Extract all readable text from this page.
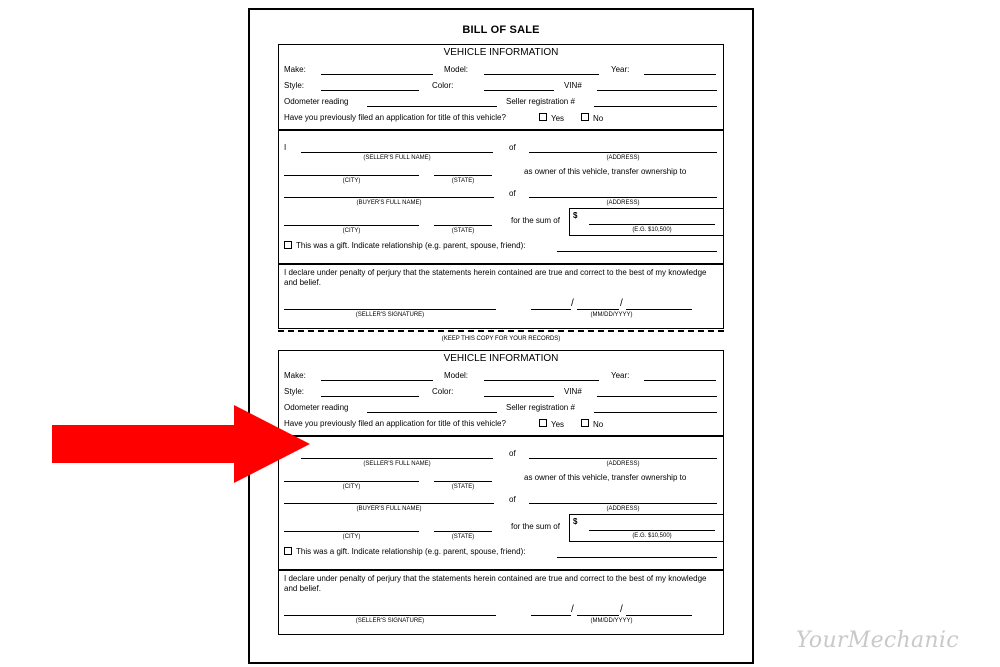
BILL OF SALE
VEHICLE INFORMATION
Make:	Model:	Year:
Style:	Color:	VIN#
Odometer reading	Seller registration #
Have you previously filed an application for title of this vehicle?	Yes	No
I
(SELLER'S FULL NAME)
of
(ADDRESS)
(CITY)	(STATE)
as owner of this vehicle, transfer ownership to
(BUYER'S FULL NAME)
of
(ADDRESS)
(CITY)	(STATE)
for the sum of
$
(E.G. $10,500)
This was a gift. Indicate relationship (e.g. parent, spouse, friend):
I declare under penalty of perjury that the statements herein contained are true and correct to the best of my knowledge and belief.
(SELLER'S SIGNATURE)
/	/
(MM/DD/YYYY)
(KEEP THIS COPY FOR YOUR RECORDS)
VEHICLE INFORMATION
Make:	Model:	Year:
Style:	Color:	VIN#
Odometer reading	Seller registration #
Have you previously filed an application for title of this vehicle?	Yes	No
(SELLER'S FULL NAME)
of
(ADDRESS)
(CITY)	(STATE)
as owner of this vehicle, transfer ownership to
(BUYER'S FULL NAME)
of
(ADDRESS)
(CITY)	(STATE)
for the sum of
$
(E.G. $10,500)
This was a gift. Indicate relationship (e.g. parent, spouse, friend):
I declare under penalty of perjury that the statements herein contained are true and correct to the best of my knowledge and belief.
(SELLER'S SIGNATURE)
/	/
(MM/DD/YYYY)
YourMechanic
